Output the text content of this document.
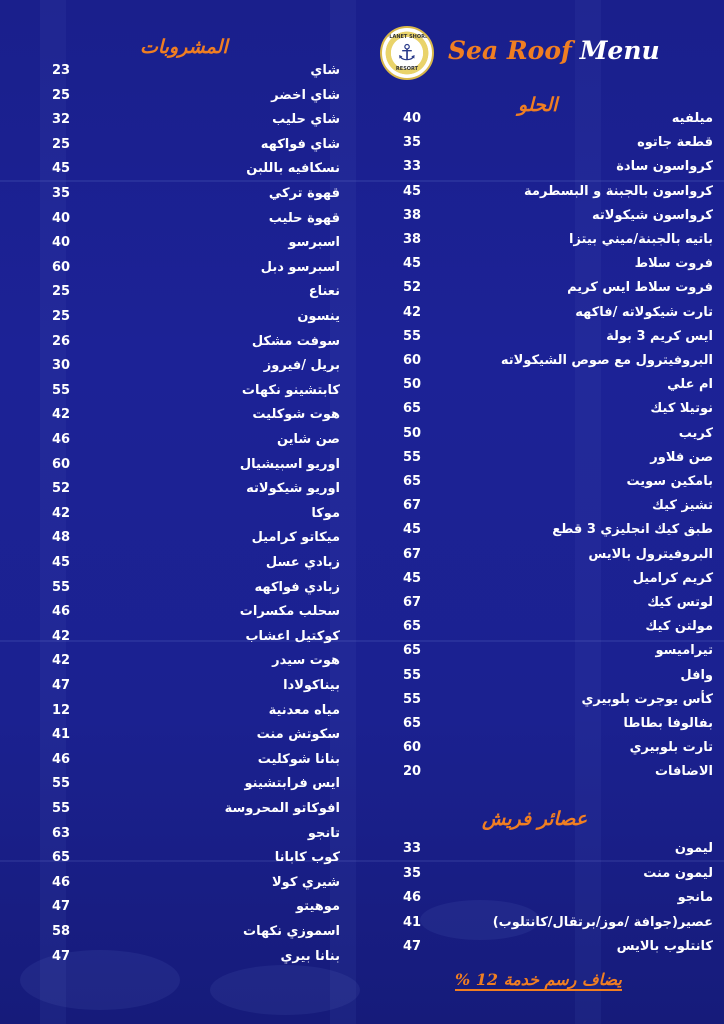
PLANET SHORE
⚓
RESORT
Sea Roof Menu
المشروبات
الحلو
عصائر فريش
شاي
23
شاي اخضر
25
شاي حليب
32
شاي فواكهه
25
نسكافيه باللبن
45
قهوة تركي
35
قهوة حليب
40
اسبرسو
40
اسبرسو دبل
60
نعناع
25
ينسون
25
سوفت مشكل
26
بريل /فيروز
30
كابتشينو نكهات
55
هوت شوكليت
42
صن شاين
46
اوريو اسبيشيال
60
اوريو شيكولاته
52
موكا
42
ميكاتو كراميل
48
زبادي عسل
45
زبادي فواكهه
55
سحلب مكسرات
46
كوكتيل اعشاب
42
هوت سيدر
42
بيناكولادا
47
مياه معدنية
12
سكوتش منت
41
بنانا شوكليت
46
ايس فرابتشينو
55
افوكاتو المحروسة
55
تانجو
63
كوب كابانا
65
شيري كولا
46
موهيتو
47
اسموزي نكهات
58
بنانا بيري
47
ميلفيه
40
قطعة جاتوه
35
كرواسون سادة
33
كرواسون بالجبنة و البسطرمة
45
كرواسون شيكولاته
38
باتيه بالجبنة/ميني بيتزا
38
فروت سلاط
45
فروت سلاط ايس كريم
52
تارت شيكولاته /فاكهه
42
ايس كريم 3 بولة
55
البروفيترول مع صوص الشيكولاته
60
ام علي
50
نوتيلا كيك
65
كريب
50
صن فلاور
55
بامكين سويت
65
تشيز كيك
67
طبق كيك انجليزي 3 قطع
45
البروفيترول بالايس
67
كريم كراميل
45
لوتس كيك
67
مولتن كيك
65
تيراميسو
65
وافل
55
كأس يوجرت بلوبيري
55
بفالوفا بطاطا
65
تارت بلوبيري
60
الاضافات
20
ليمون
33
ليمون منت
35
مانجو
46
عصير(جوافة /موز/برتقال/كانتلوب)
41
كانتلوب بالايس
47
يضاف رسم خدمة 12 %
